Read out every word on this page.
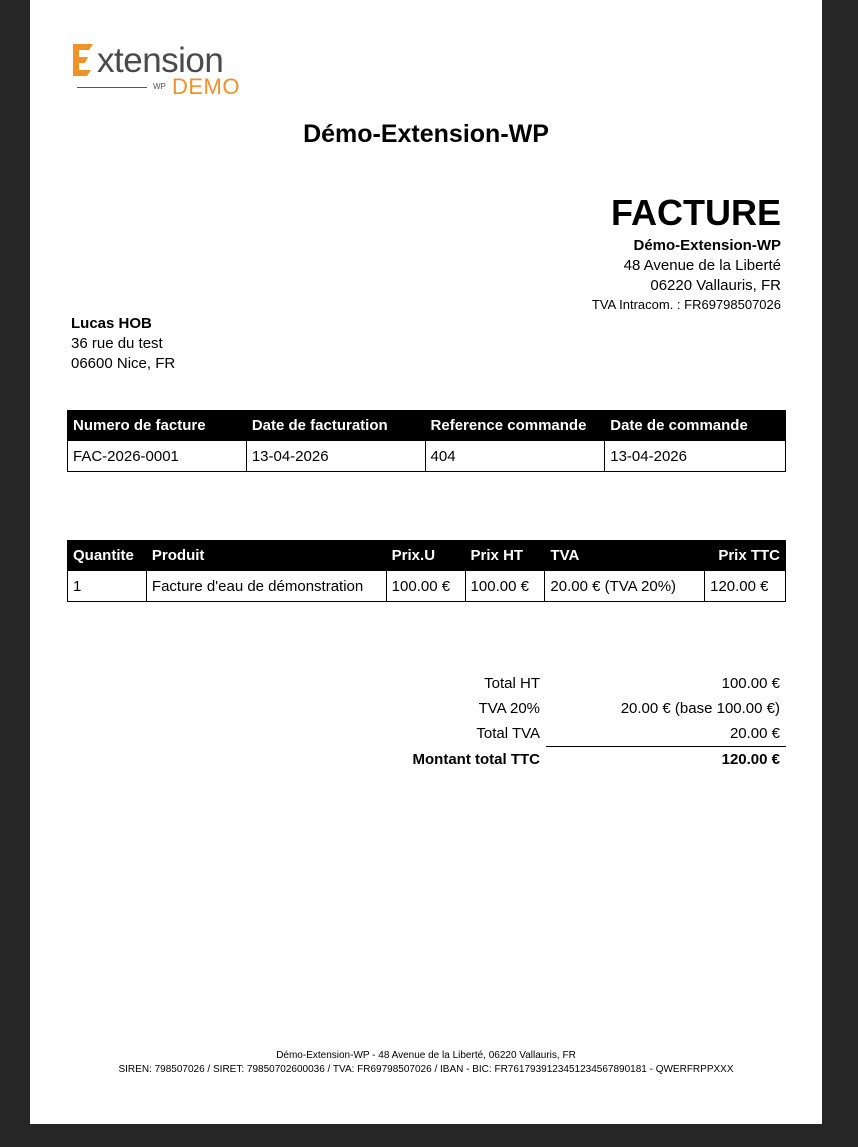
xtension
WP DEMO
Démo-Extension-WP
FACTURE
Démo-Extension-WP
48 Avenue de la Liberté
06220 Vallauris, FR
TVA Intracom. : FR69798507026
Lucas HOB
36 rue du test
06600 Nice, FR
Numero de facture	Date de facturation	Reference commande	Date de commande
FAC-2026-0001	13-04-2026	404	13-04-2026
Quantite	Produit	Prix.U	Prix HT	TVA	Prix TTC
1	Facture d'eau de démonstration	100.00 €	100.00 €	20.00 € (TVA 20%)	120.00 €
Total HT	100.00 €
TVA 20%	20.00 € (base 100.00 €)
Total TVA	20.00 €
Montant total TTC	120.00 €
Démo-Extension-WP - 48 Avenue de la Liberté, 06220 Vallauris, FR
SIREN: 798507026 / SIRET: 79850702600036 / TVA: FR69798507026 / IBAN - BIC: FR7617939123451234567890181 - QWERFRPPXXX
